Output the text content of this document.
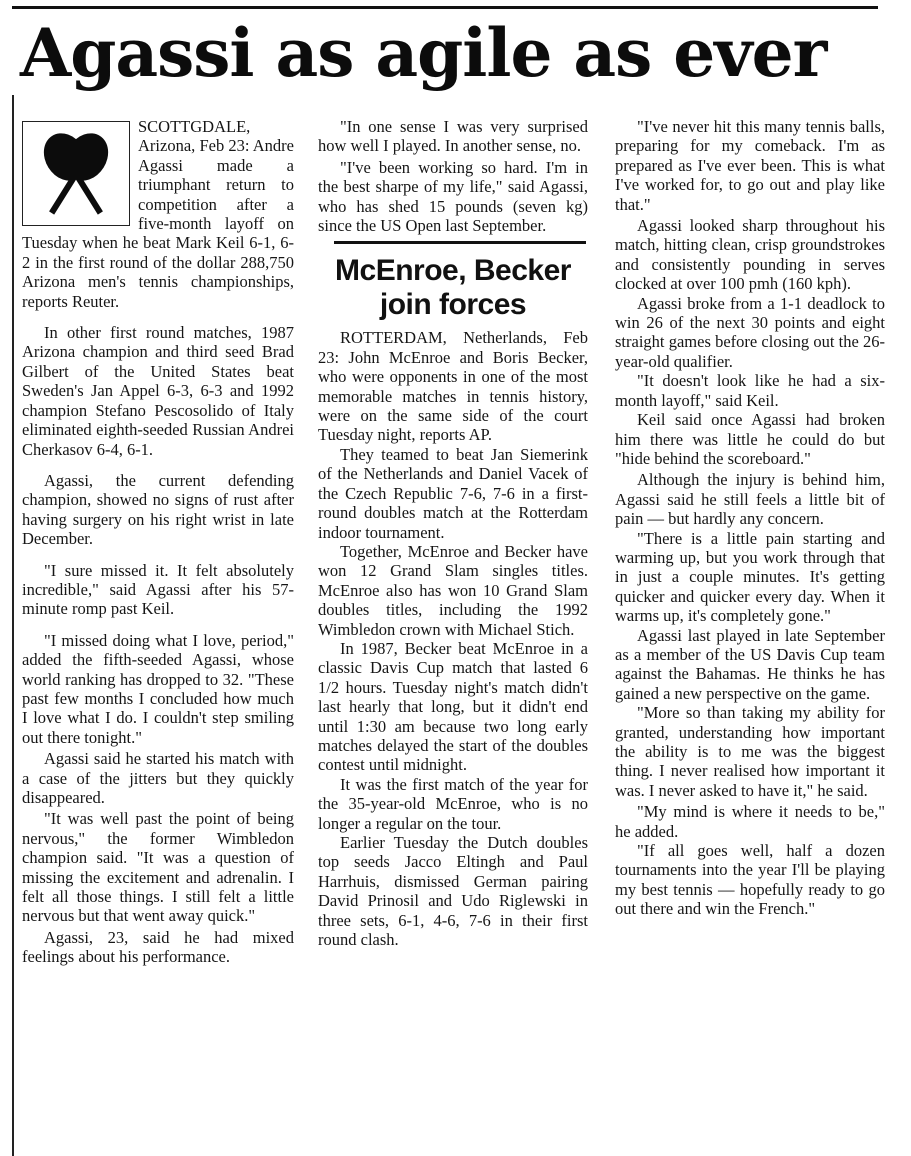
Agassi as agile as ever

SCOTTGDALE, Arizona, Feb 23: Andre Agassi made a triumphant return to competition after a five-month layoff on Tuesday when he beat Mark Keil 6-1, 6-2 in the first round of the dollar 288,750 Arizona men's tennis championships, reports Reuter.

In other first round matches, 1987 Arizona champion and third seed Brad Gilbert of the United States beat Sweden's Jan Appel 6-3, 6-3 and 1992 champion Stefano Pescosolido of Italy eliminated eighth-seeded Russian Andrei Cherkasov 6-4, 6-1.

Agassi, the current defending champion, showed no signs of rust after having surgery on his right wrist in late December.

"I sure missed it. It felt absolutely incredible," said Agassi after his 57-minute romp past Keil.

"I missed doing what I love, period," added the fifth-seeded Agassi, whose world ranking has dropped to 32. "These past few months I concluded how much I love what I do. I couldn't step smiling out there tonight."

Agassi said he started his match with a case of the jitters but they quickly disappeared.

"It was well past the point of being nervous," the former Wimbledon champion said. "It was a question of missing the excitement and adrenalin. I felt all those things. I still felt a little nervous but that went away quick."

Agassi, 23, said he had mixed feelings about his performance.

"In one sense I was very surprised how well I played. In another sense, no.

"I've been working so hard. I'm in the best sharpe of my life," said Agassi, who has shed 15 pounds (seven kg) since the US Open last September.

McEnroe, Becker join forces

ROTTERDAM, Netherlands, Feb 23: John McEnroe and Boris Becker, who were opponents in one of the most memorable matches in tennis history, were on the same side of the court Tuesday night, reports AP.

They teamed to beat Jan Siemerink of the Netherlands and Daniel Vacek of the Czech Republic 7-6, 7-6 in a first-round doubles match at the Rotterdam indoor tournament.

Together, McEnroe and Becker have won 12 Grand Slam singles titles. McEnroe also has won 10 Grand Slam doubles titles, including the 1992 Wimbledon crown with Michael Stich.

In 1987, Becker beat McEnroe in a classic Davis Cup match that lasted 6 1/2 hours. Tuesday night's match didn't last hearly that long, but it didn't end until 1:30 am because two long early matches delayed the start of the doubles contest until midnight.

It was the first match of the year for the 35-year-old McEnroe, who is no longer a regular on the tour.

Earlier Tuesday the Dutch doubles top seeds Jacco Eltingh and Paul Harrhuis, dismissed German pairing David Prinosil and Udo Riglewski in three sets, 6-1, 4-6, 7-6 in their first round clash.

"I've never hit this many tennis balls, preparing for my comeback. I'm as prepared as I've ever been. This is what I've worked for, to go out and play like that."

Agassi looked sharp throughout his match, hitting clean, crisp groundstrokes and consistently pounding in serves clocked at over 100 pmh (160 kph).

Agassi broke from a 1-1 deadlock to win 26 of the next 30 points and eight straight games before closing out the 26-year-old qualifier.

"It doesn't look like he had a six-month layoff," said Keil.

Keil said once Agassi had broken him there was little he could do but "hide behind the scoreboard."

Although the injury is behind him, Agassi said he still feels a little bit of pain — but hardly any concern.

"There is a little pain starting and warming up, but you work through that in just a couple minutes. It's getting quicker and quicker every day. When it warms up, it's completely gone."

Agassi last played in late September as a member of the US Davis Cup team against the Bahamas. He thinks he has gained a new perspective on the game.

"More so than taking my ability for granted, understanding how important the ability is to me was the biggest thing. I never realised how important it was. I never asked to have it," he said.

"My mind is where it needs to be," he added.

"If all goes well, half a dozen tournaments into the year I'll be playing my best tennis — hopefully ready to go out there and win the French."
